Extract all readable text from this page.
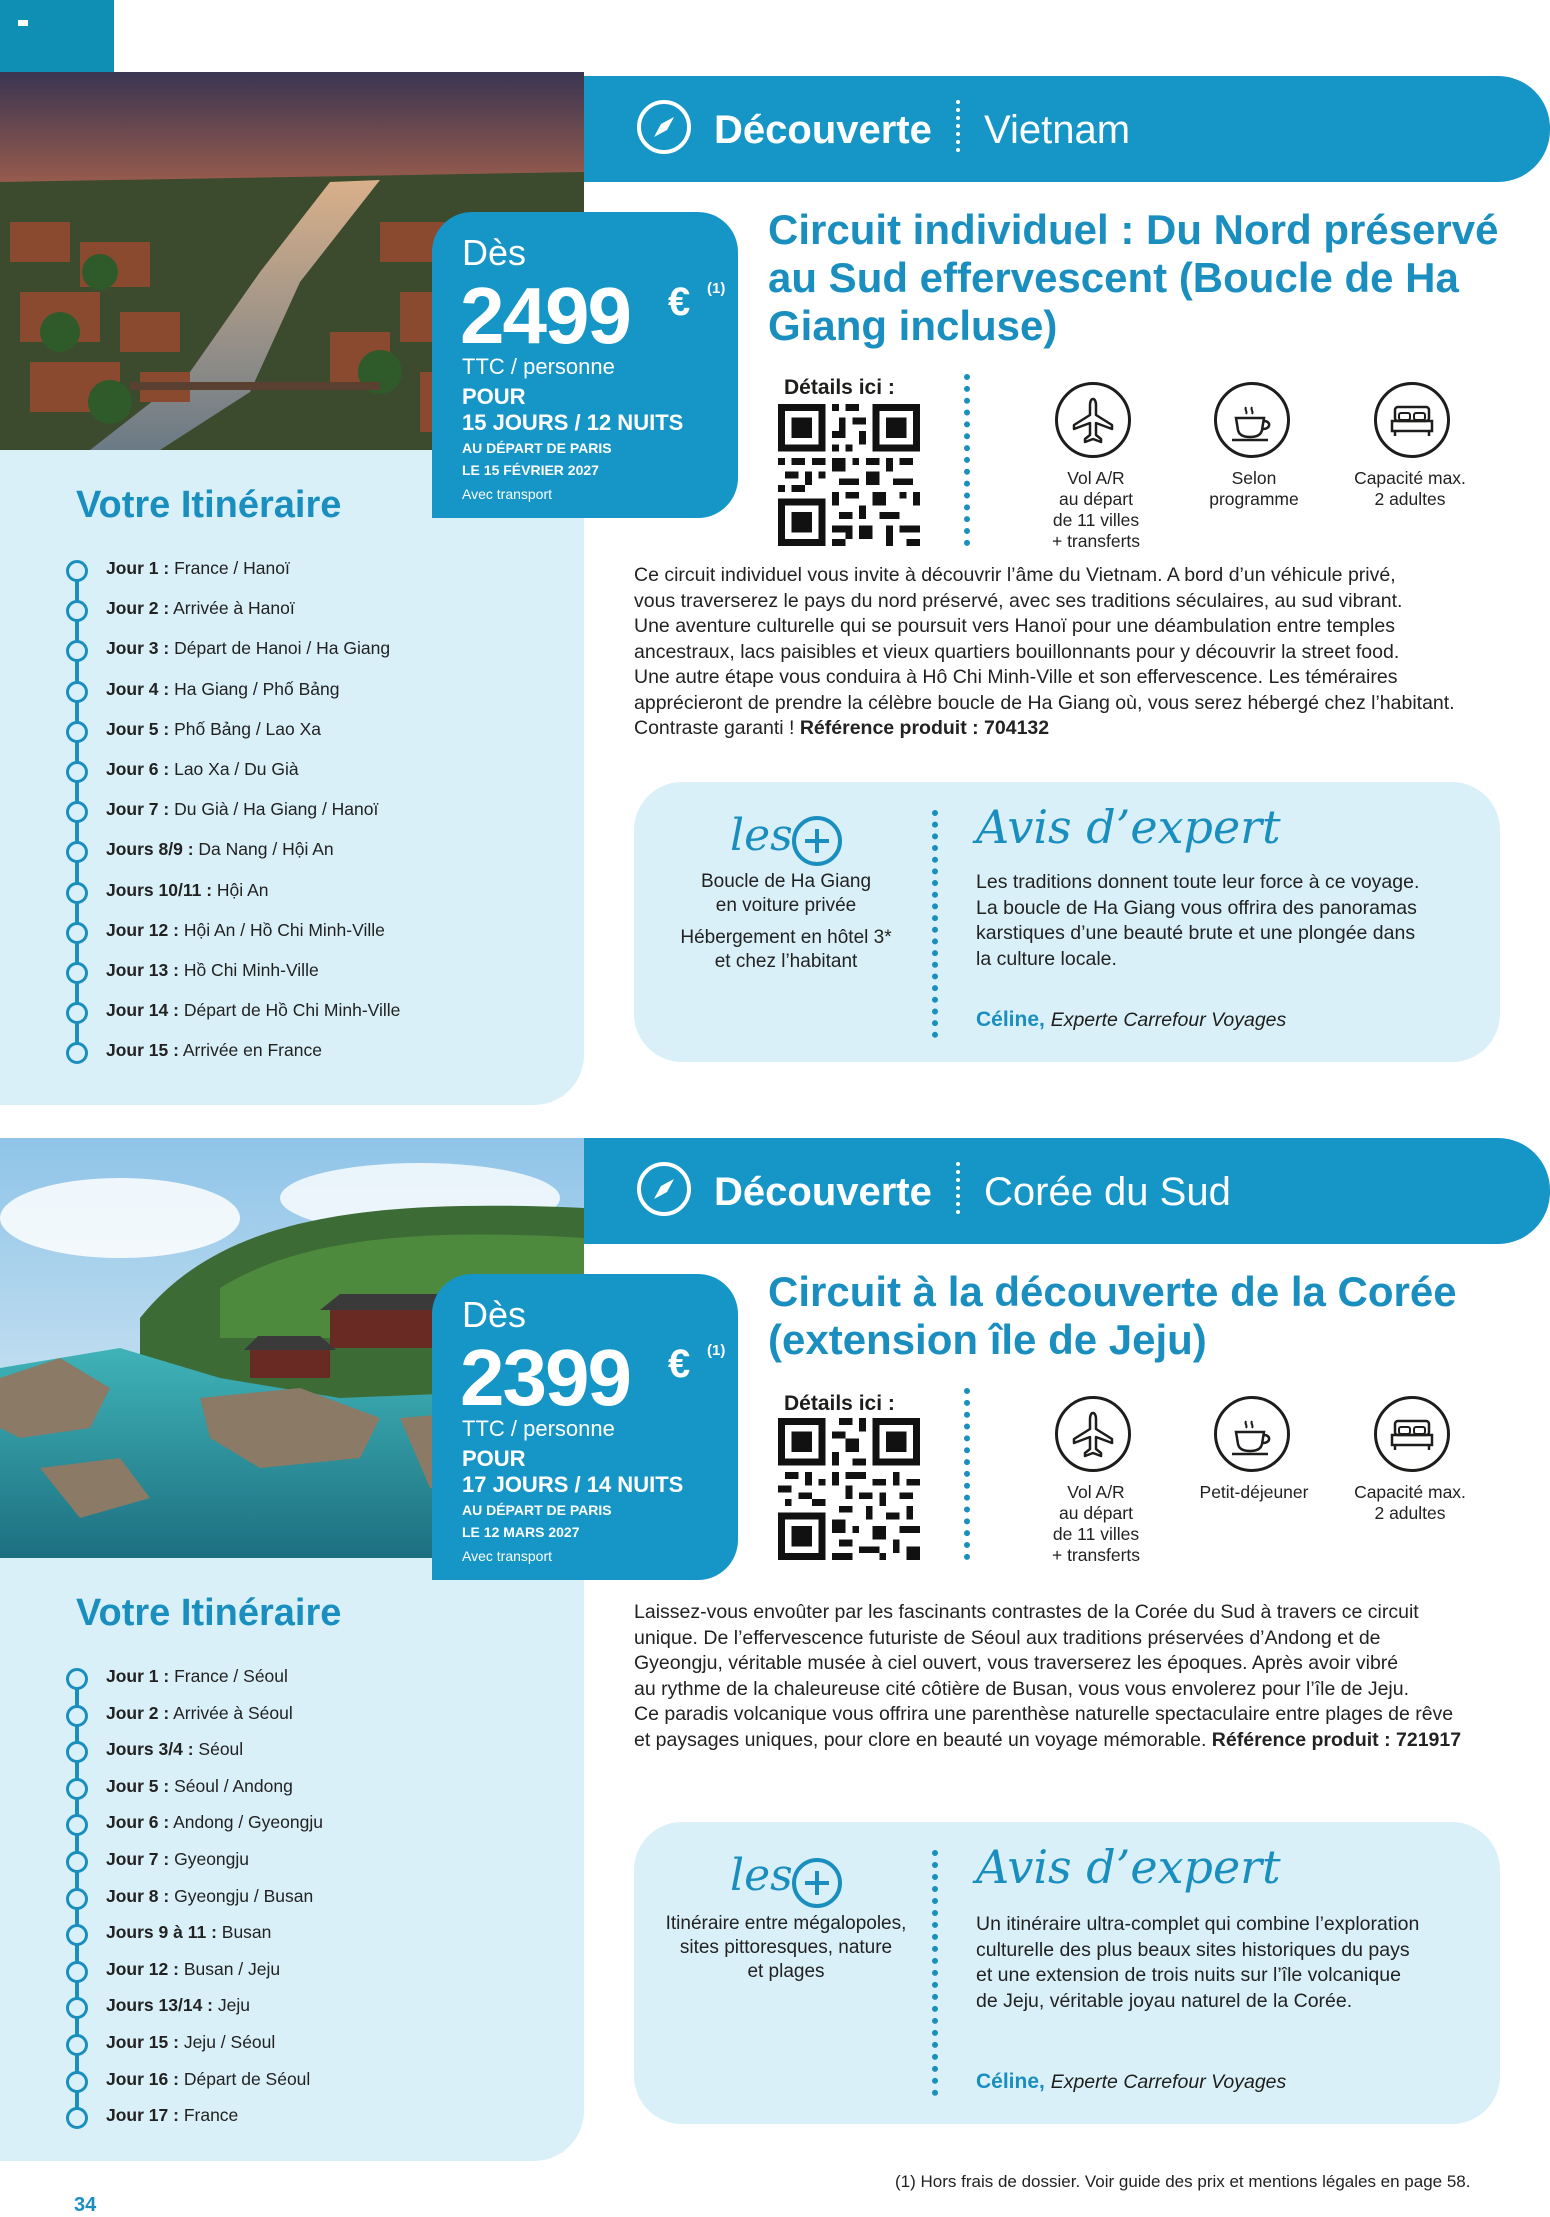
Découverte Vietnam
Dès
2499 € (1)
TTC / personne
POUR
15 JOURS / 12 NUITS
AU DÉPART DE PARIS
LE 15 FÉVRIER 2027
Avec transport
Circuit individuel : Du Nord préservé au Sud effervescent (Boucle de Ha Giang incluse)
Détails ici :
Vol A/R
au départ
de 11 villes
+ transferts
Selon
programme
Capacité max.
2 adultes
Ce circuit individuel vous invite à découvrir l’âme du Vietnam. A bord d’un véhicule privé,
vous traverserez le pays du nord préservé, avec ses traditions séculaires, au sud vibrant.
Une aventure culturelle qui se poursuit vers Hanoï pour une déambulation entre temples
ancestraux, lacs paisibles et vieux quartiers bouillonnants pour y découvrir la street food.
Une autre étape vous conduira à Hô Chi Minh-Ville et son effervescence. Les téméraires
apprécieront de prendre la célèbre boucle de Ha Giang où, vous serez hébergé chez l’habitant.
Contraste garanti ! Référence produit : 704132
Votre Itinéraire
Jour 1 : France / Hanoï
Jour 2 : Arrivée à Hanoï
Jour 3 : Départ de Hanoi / Ha Giang
Jour 4 : Ha Giang / Phố Bảng
Jour 5 : Phố Bảng / Lao Xa
Jour 6 : Lao Xa / Du Già
Jour 7 : Du Già / Ha Giang / Hanoï
Jours 8/9 : Da Nang / Hội An
Jours 10/11 : Hội An
Jour 12 : Hội An / Hồ Chi Minh-Ville
Jour 13 : Hồ Chi Minh-Ville
Jour 14 : Départ de Hồ Chi Minh-Ville
Jour 15 : Arrivée en France
les
Boucle de Ha Giang
en voiture privée
Hébergement en hôtel 3*
et chez l’habitant
Avis d’expert
Les traditions donnent toute leur force à ce voyage.
La boucle de Ha Giang vous offrira des panoramas
karstiques d’une beauté brute et une plongée dans
la culture locale.
Céline, Experte Carrefour Voyages
Découverte Corée du Sud
Dès
2399 € (1)
TTC / personne
POUR
17 JOURS / 14 NUITS
AU DÉPART DE PARIS
LE 12 MARS 2027
Avec transport
Circuit à la découverte de la Corée (extension île de Jeju)
Détails ici :
Vol A/R
au départ
de 11 villes
+ transferts
Petit-déjeuner	Capacité max.
2 adultes
Laissez-vous envoûter par les fascinants contrastes de la Corée du Sud à travers ce circuit
unique. De l’effervescence futuriste de Séoul aux traditions préservées d’Andong et de
Gyeongju, véritable musée à ciel ouvert, vous traverserez les époques. Après avoir vibré
au rythme de la chaleureuse cité côtière de Busan, vous vous envolerez pour l’île de Jeju.
Ce paradis volcanique vous offrira une parenthèse naturelle spectaculaire entre plages de rêve
et paysages uniques, pour clore en beauté un voyage mémorable. Référence produit : 721917
Votre Itinéraire
Jour 1 : France / Séoul
Jour 2 : Arrivée à Séoul
Jours 3/4 : Séoul
Jour 5 : Séoul / Andong
Jour 6 : Andong / Gyeongju
Jour 7 : Gyeongju
Jour 8 : Gyeongju / Busan
Jours 9 à 11 : Busan
Jour 12 : Busan / Jeju
Jours 13/14 : Jeju
Jour 15 : Jeju / Séoul
Jour 16 : Départ de Séoul
Jour 17 : France
les
Itinéraire entre mégalopoles,
sites pittoresques, nature
et plages
Avis d’expert
Un itinéraire ultra-complet qui combine l’exploration
culturelle des plus beaux sites historiques du pays
et une extension de trois nuits sur l’île volcanique
de Jeju, véritable joyau naturel de la Corée.
Céline, Experte Carrefour Voyages
(1) Hors frais de dossier. Voir guide des prix et mentions légales en page 58.
34
